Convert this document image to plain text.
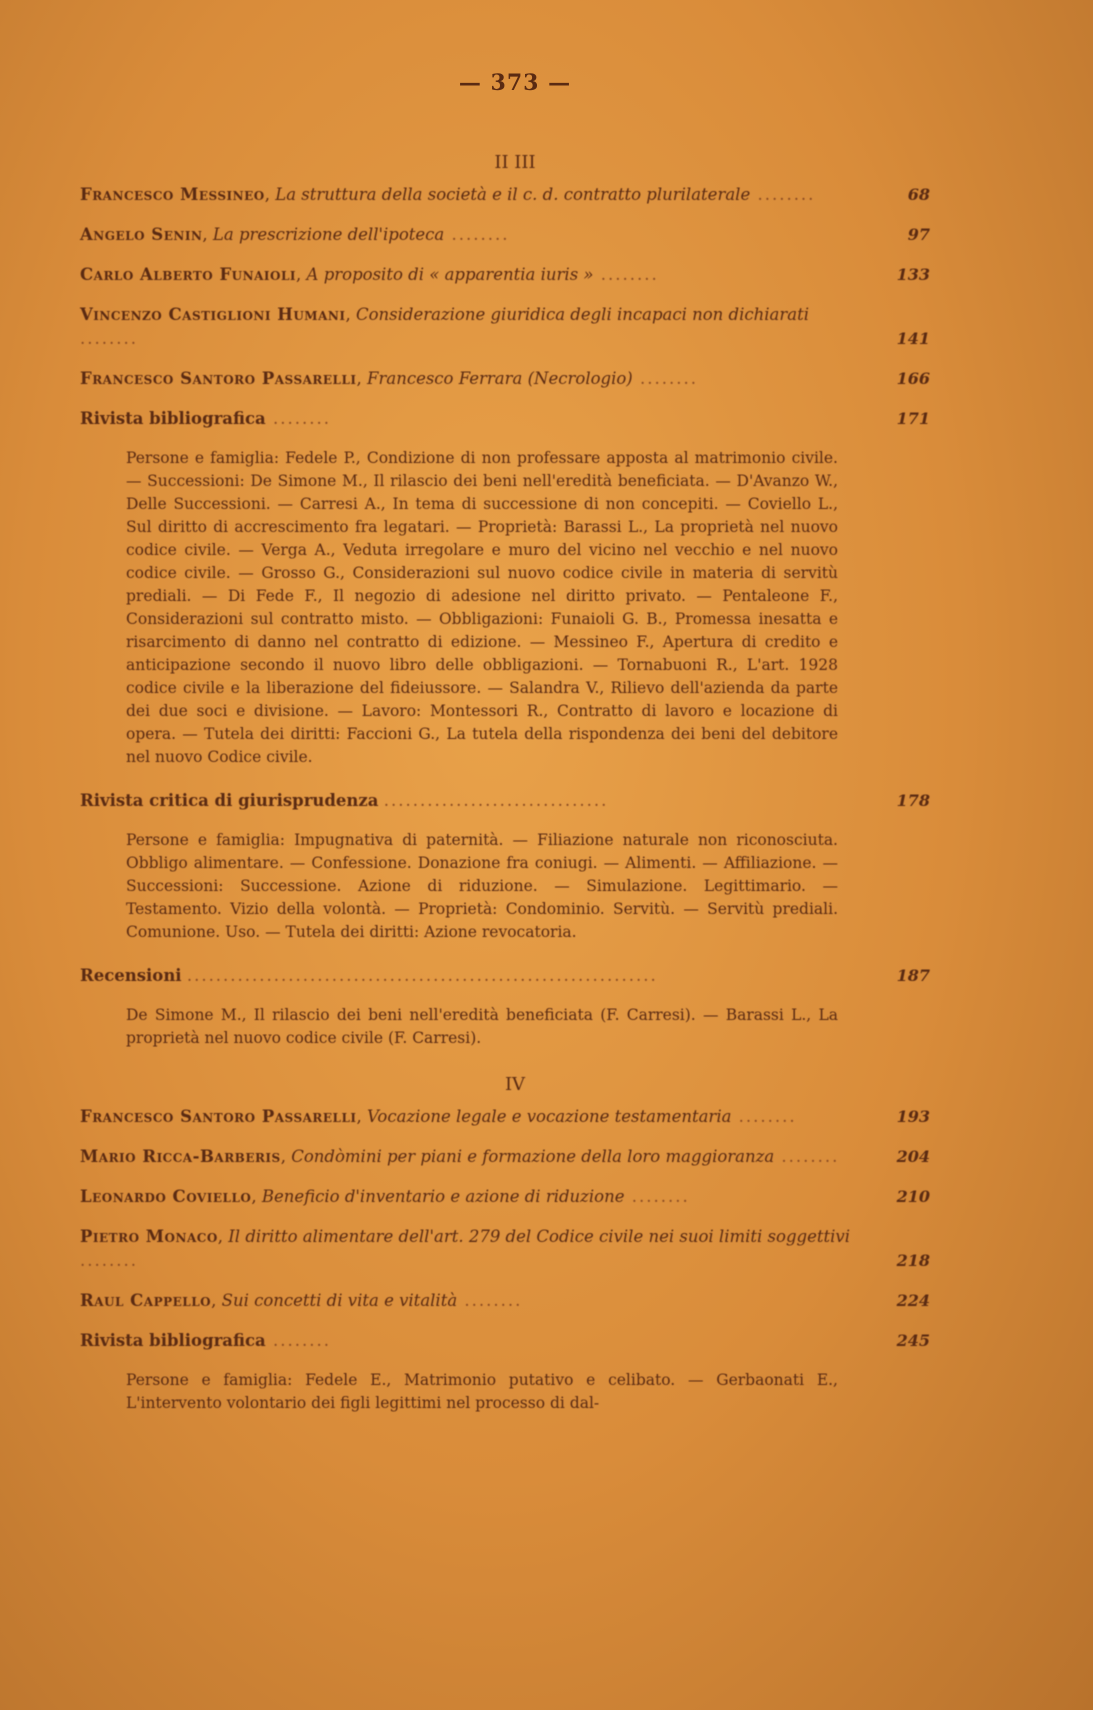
— 373 —
II III
Francesco Messineo, La struttura della società e il c. d. contratto plurilaterale ........	68
Angelo Senin, La prescrizione dell'ipoteca ........	97
Carlo Alberto Funaioli, A proposito di « apparentia iuris » ........	133
Vincenzo Castiglioni Humani, Considerazione giuridica degli incapaci non dichiarati ........	141
Francesco Santoro Passarelli, Francesco Ferrara (Necrologio) ........	166
Rivista bibliografica ........	171
Persone e famiglia: Fedele P., Condizione di non professare apposta al matrimonio civile. — Successioni: De Simone M., Il rilascio dei beni nell'eredità beneficiata. — D'Avanzo W., Delle Successioni. — Carresi A., In tema di successione di non concepiti. — Coviello L., Sul diritto di accrescimento fra legatari. — Proprietà: Barassi L., La proprietà nel nuovo codice civile. — Verga A., Veduta irregolare e muro del vicino nel vecchio e nel nuovo codice civile. — Grosso G., Considerazioni sul nuovo codice civile in materia di servitù prediali. — Di Fede F., Il negozio di adesione nel diritto privato. — Pentaleone F., Considerazioni sul contratto misto. — Obbligazioni: Funaioli G. B., Promessa inesatta e risarcimento di danno nel contratto di edizione. — Messineo F., Apertura di credito e anticipazione secondo il nuovo libro delle obbligazioni. — Tornabuoni R., L'art. 1928 codice civile e la liberazione del fideiussore. — Salandra V., Rilievo dell'azienda da parte dei due soci e divisione. — Lavoro: Montessori R., Contratto di lavoro e locazione di opera. — Tutela dei diritti: Faccioni G., La tutela della rispondenza dei beni del debitore nel nuovo Codice civile.
Rivista critica di giurisprudenza ...............................	178
Persone e famiglia: Impugnativa di paternità. — Filiazione naturale non riconosciuta. Obbligo alimentare. — Confessione. Donazione fra coniugi. — Alimenti. — Affiliazione. — Successioni: Successione. Azione di riduzione. — Simulazione. Legittimario. — Testamento. Vizio della volontà. — Proprietà: Condominio. Servitù. — Servitù prediali. Comunione. Uso. — Tutela dei diritti: Azione revocatoria.
Recensioni .................................................................	187
De Simone M., Il rilascio dei beni nell'eredità beneficiata (F. Carresi). — Barassi L., La proprietà nel nuovo codice civile (F. Carresi).
IV
Francesco Santoro Passarelli, Vocazione legale e vocazione testamentaria ........	193
Mario Ricca-Barberis, Condòmini per piani e formazione della loro maggioranza ........	204
Leonardo Coviello, Beneficio d'inventario e azione di riduzione ........	210
Pietro Monaco, Il diritto alimentare dell'art. 279 del Codice civile nei suoi limiti soggettivi ........	218
Raul Cappello, Sui concetti di vita e vitalità ........	224
Rivista bibliografica ........	245
Persone e famiglia: Fedele E., Matrimonio putativo e celibato. — Gerbaonati E., L'intervento volontario dei figli legittimi nel processo di dal-
